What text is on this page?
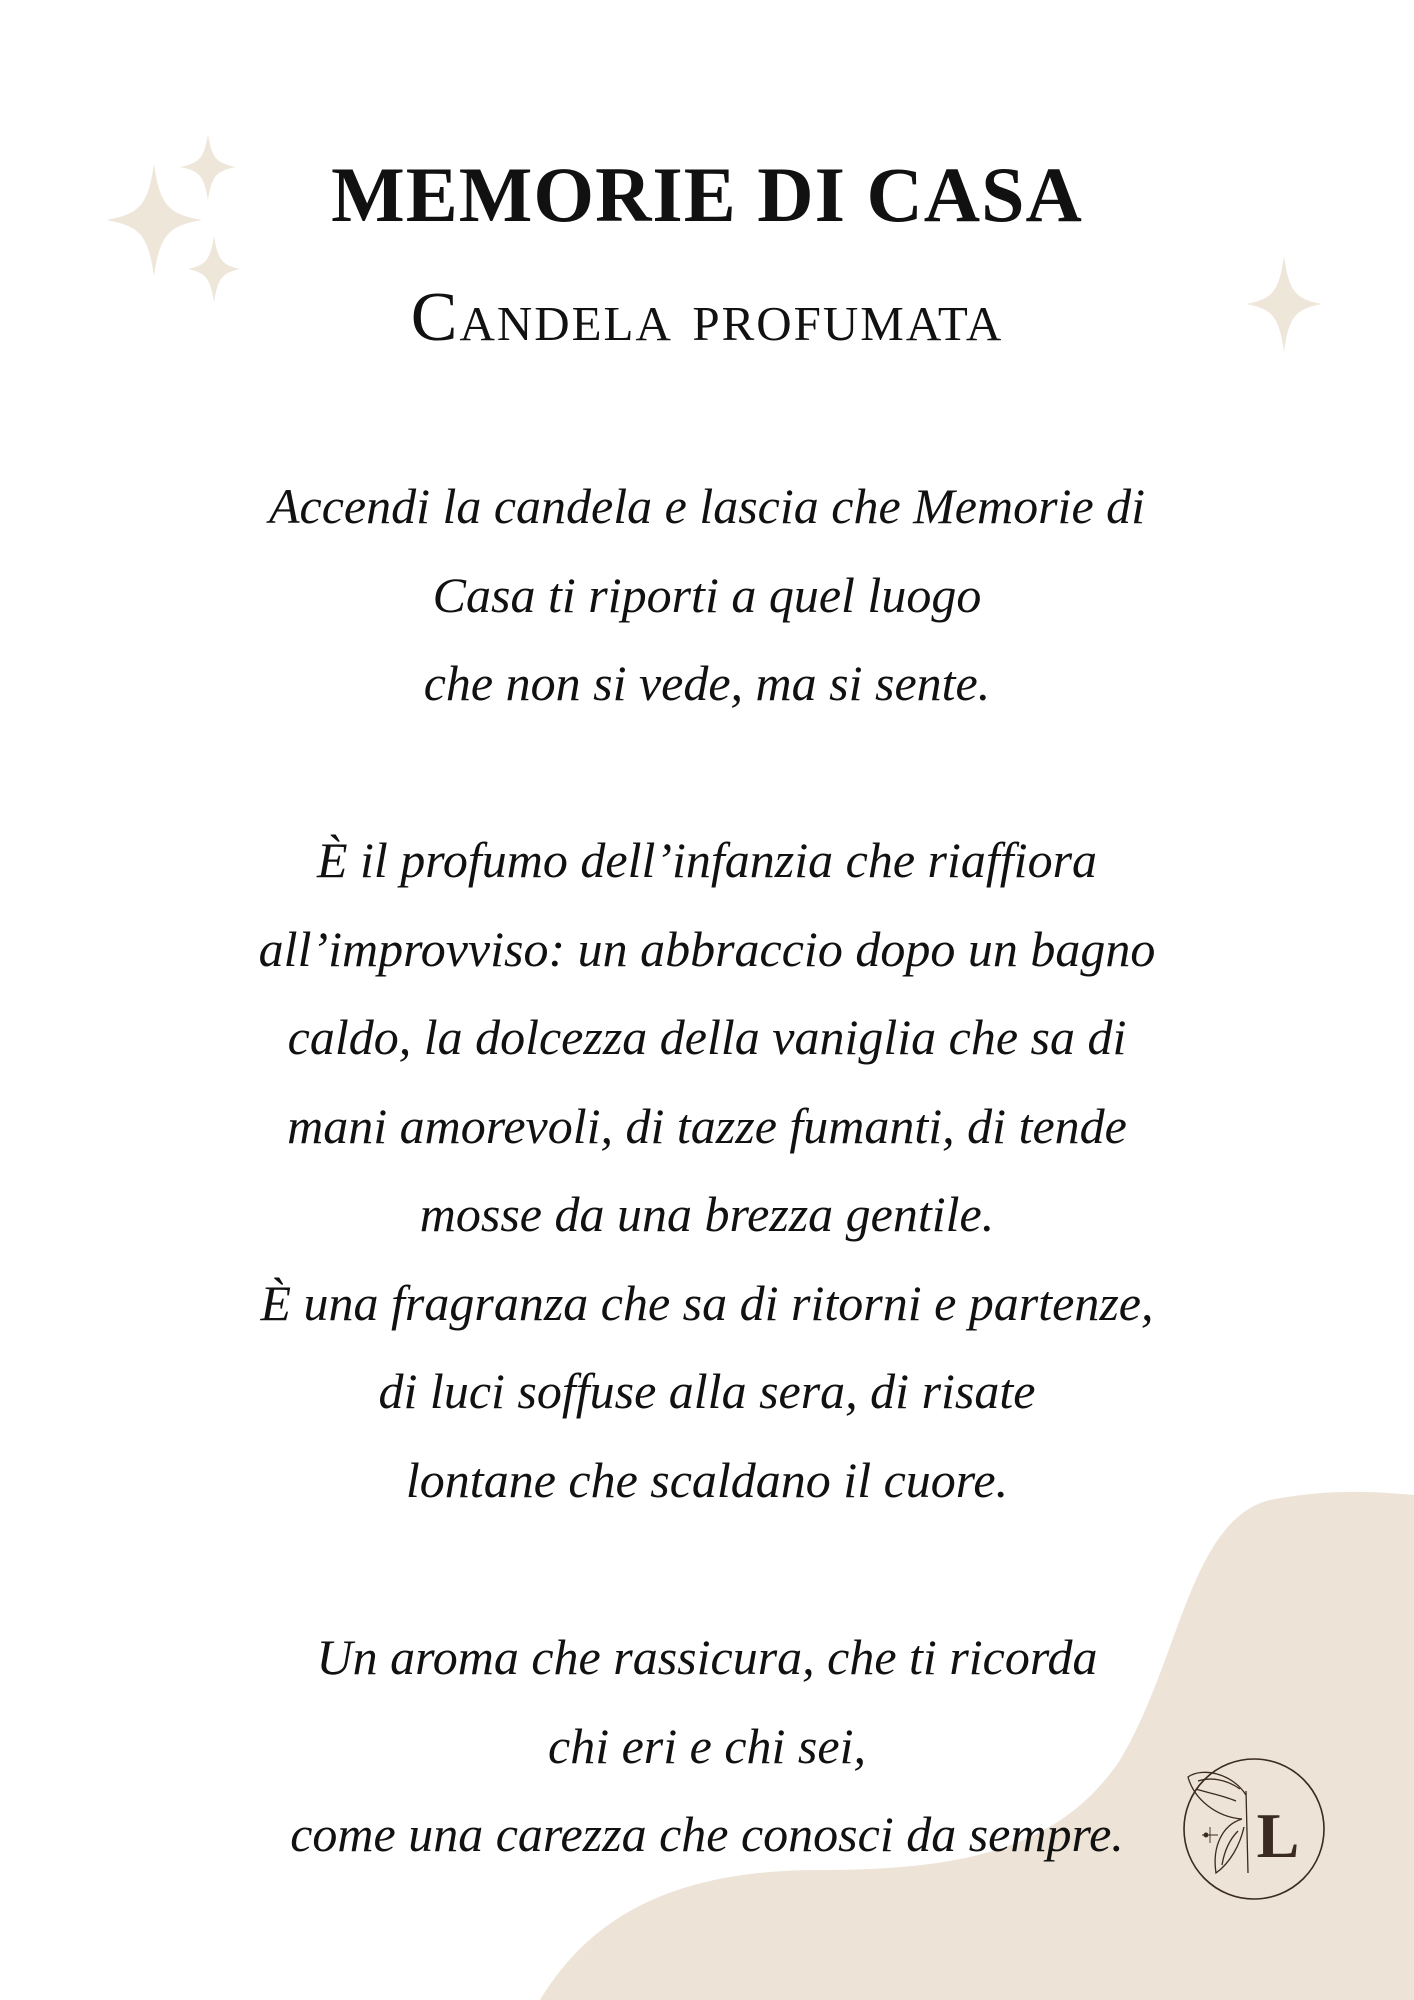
MEMORIE DI CASA
Candela profumata

Accendi la candela e lascia che Memorie di

Casa ti riporti a quel luogo

che non si vede, ma si sente.

È il profumo dell’infanzia che riaffiora

all’improvviso: un abbraccio dopo un bagno

caldo, la dolcezza della vaniglia che sa di

mani amorevoli, di tazze fumanti, di tende

mosse da una brezza gentile.

È una fragranza che sa di ritorni e partenze,

di luci soffuse alla sera, di risate

lontane che scaldano il cuore.

Un aroma che rassicura, che ti ricorda

chi eri e chi sei,

come una carezza che conosci da sempre.	L
